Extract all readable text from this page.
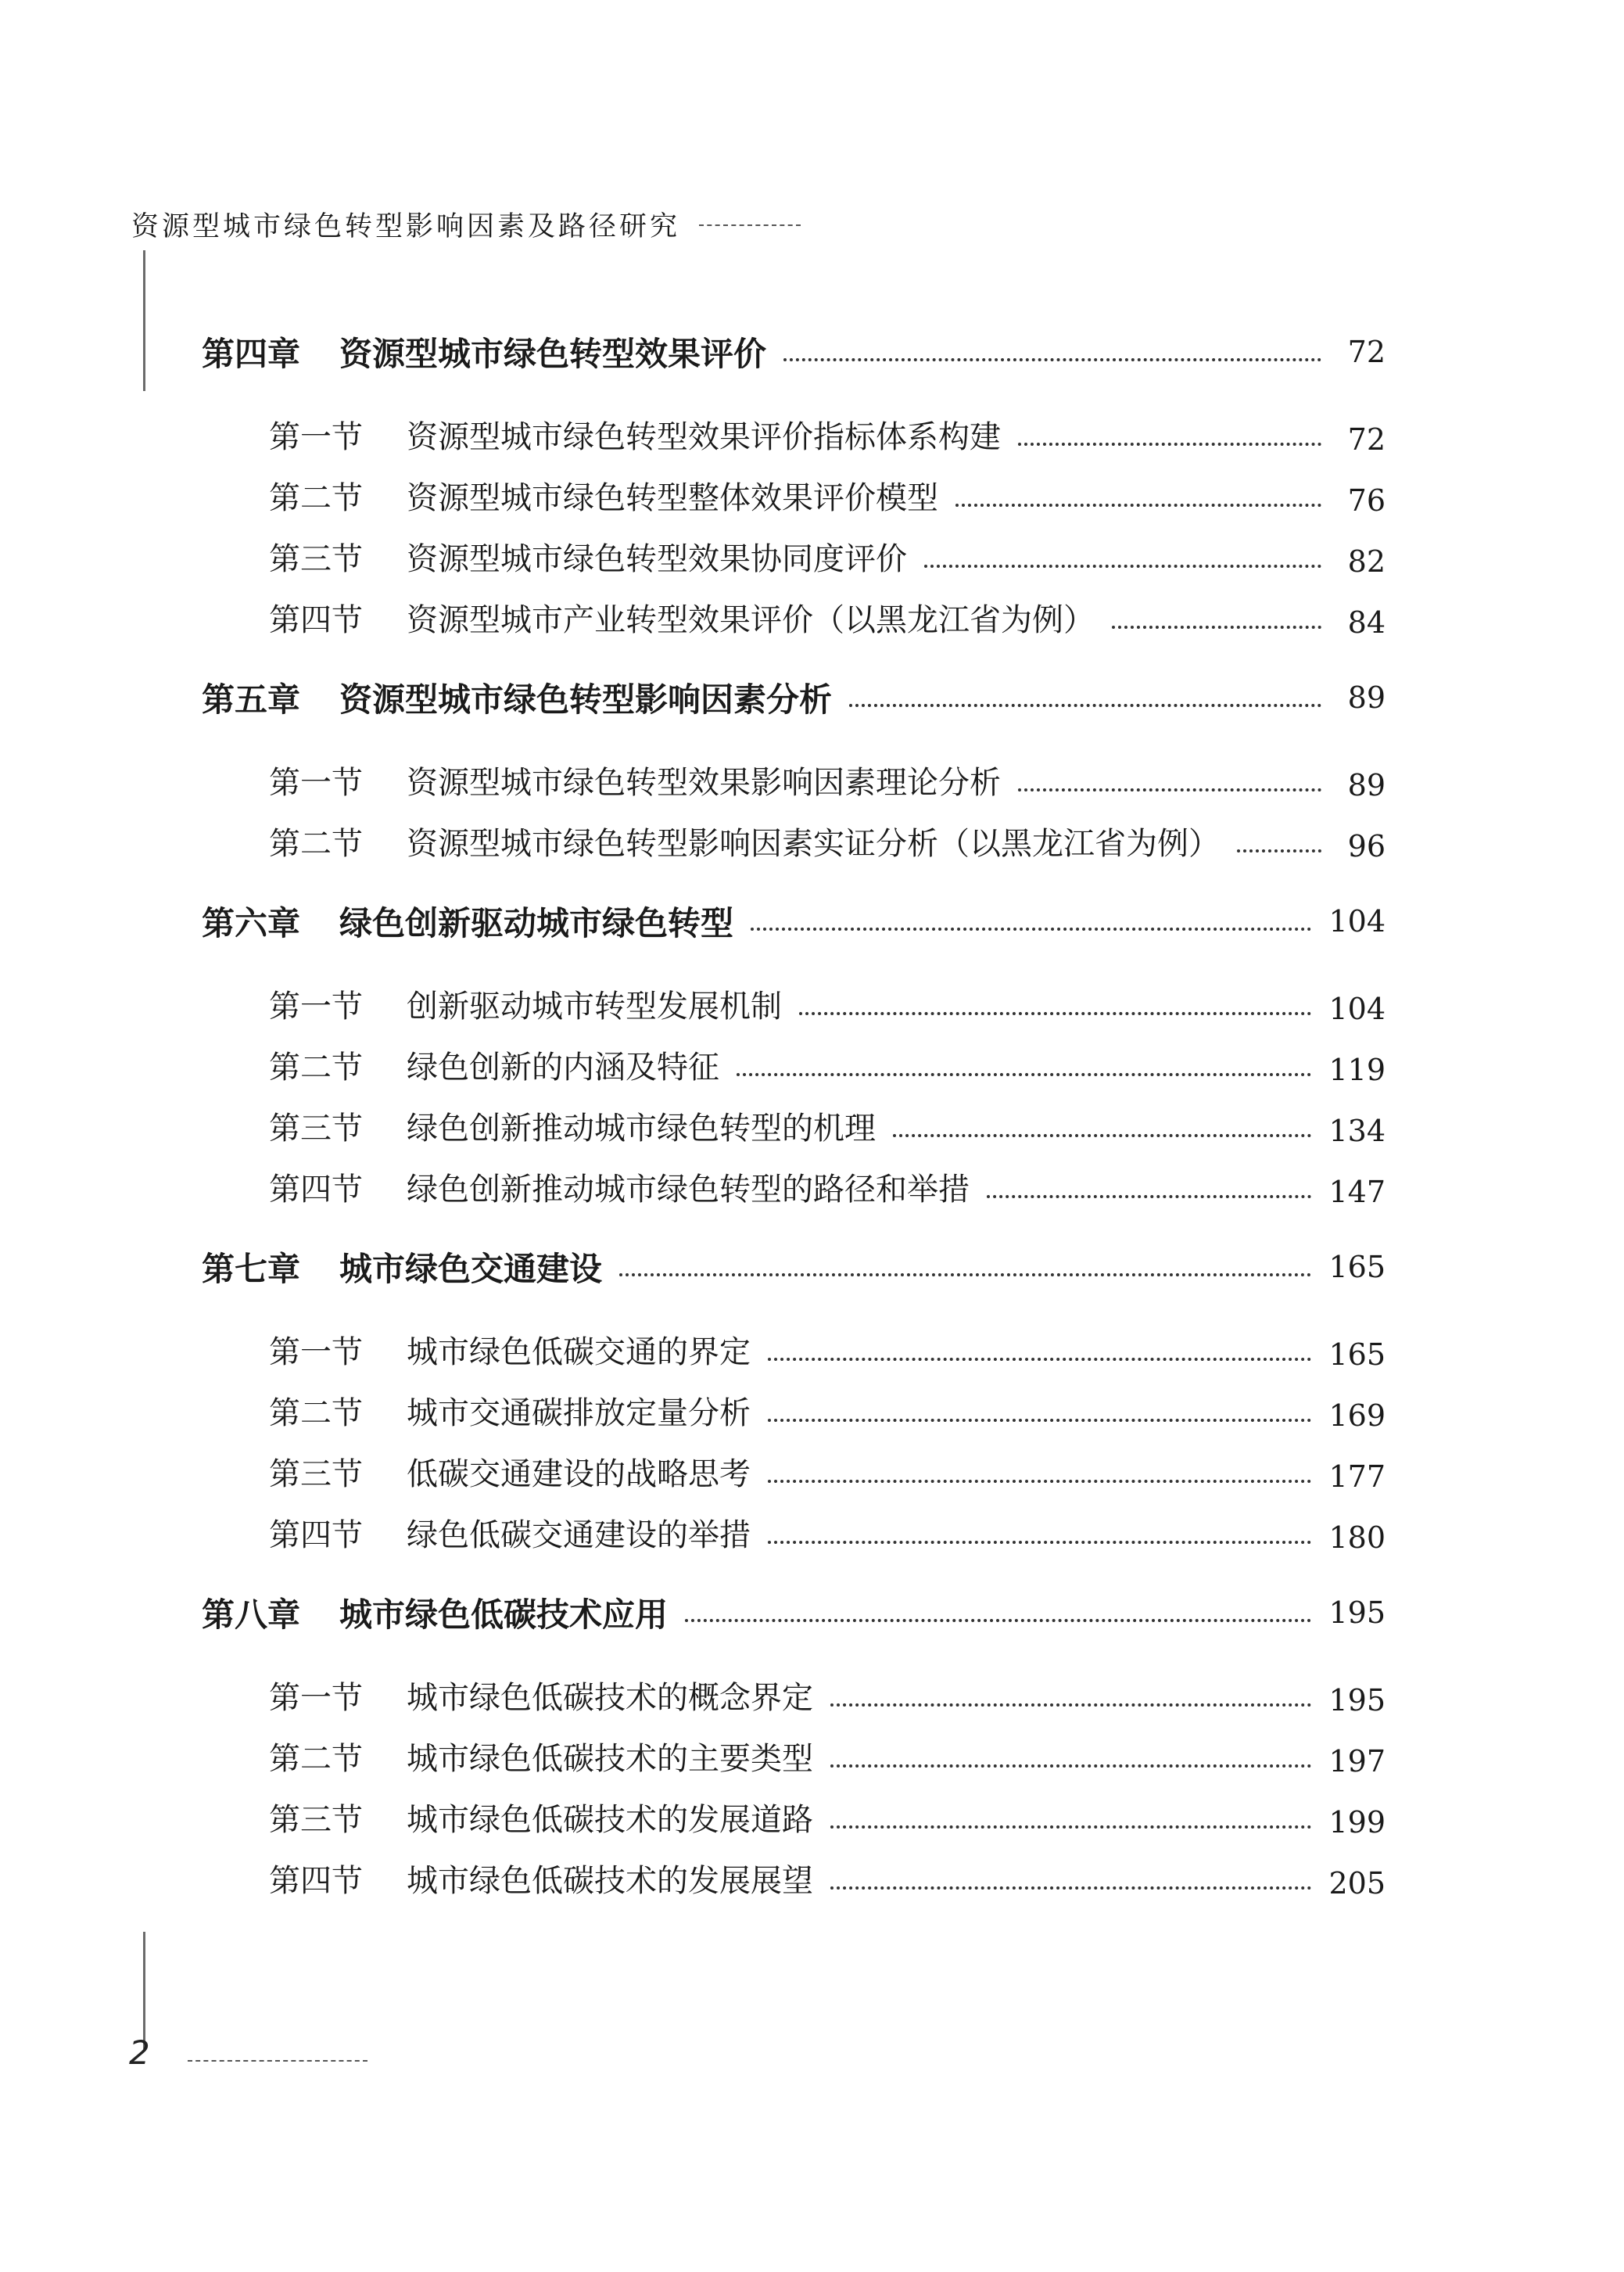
资源型城市绿色转型影响因素及路径研究
第四章	资源型城市绿色转型效果评价	72
第一节	资源型城市绿色转型效果评价指标体系构建	72
第二节	资源型城市绿色转型整体效果评价模型	76
第三节	资源型城市绿色转型效果协同度评价	82
第四节	资源型城市产业转型效果评价（以黑龙江省为例）	84
第五章	资源型城市绿色转型影响因素分析	89
第一节	资源型城市绿色转型效果影响因素理论分析	89
第二节	资源型城市绿色转型影响因素实证分析（以黑龙江省为例）	96
第六章	绿色创新驱动城市绿色转型	104
第一节	创新驱动城市转型发展机制	104
第二节	绿色创新的内涵及特征	119
第三节	绿色创新推动城市绿色转型的机理	134
第四节	绿色创新推动城市绿色转型的路径和举措	147
第七章	城市绿色交通建设	165
第一节	城市绿色低碳交通的界定	165
第二节	城市交通碳排放定量分析	169
第三节	低碳交通建设的战略思考	177
第四节	绿色低碳交通建设的举措	180
第八章	城市绿色低碳技术应用	195
第一节	城市绿色低碳技术的概念界定	195
第二节	城市绿色低碳技术的主要类型	197
第三节	城市绿色低碳技术的发展道路	199
第四节	城市绿色低碳技术的发展展望	205
2
